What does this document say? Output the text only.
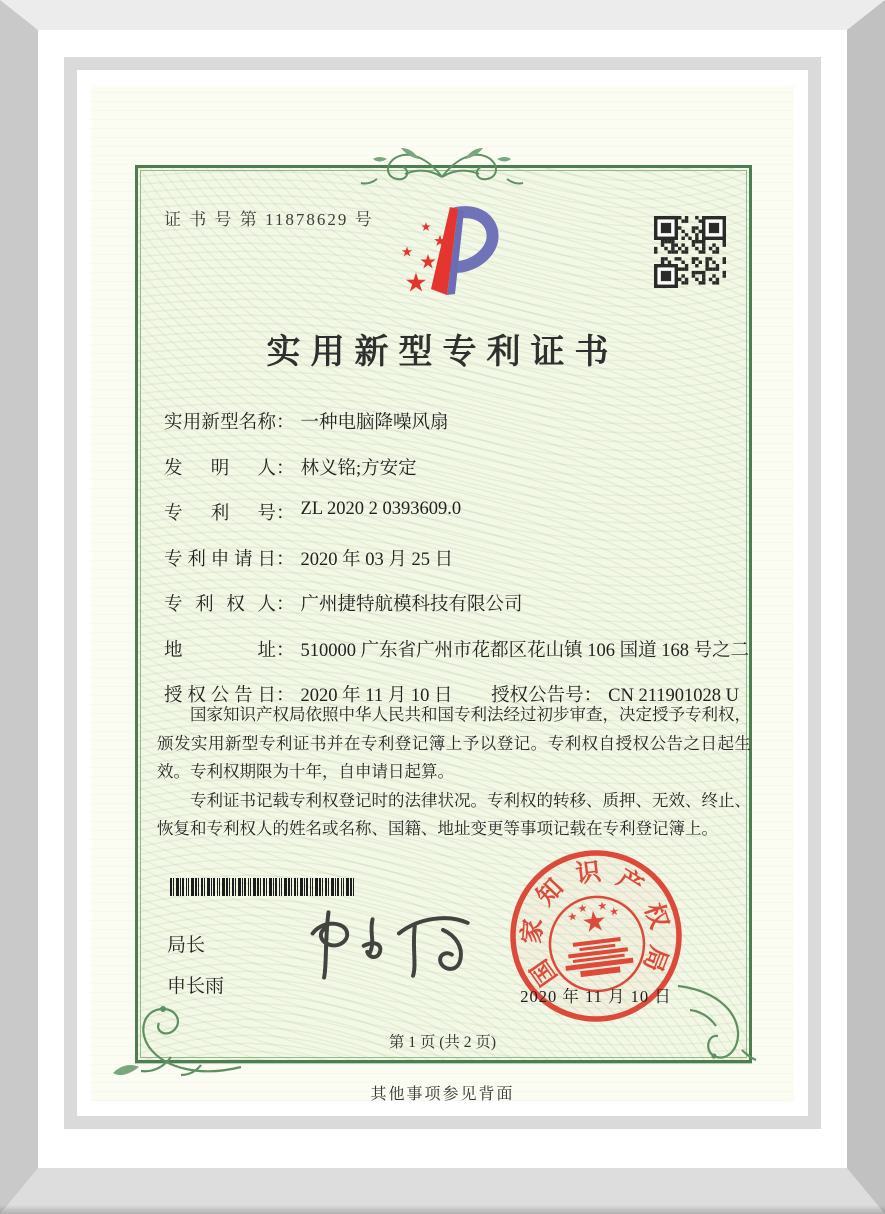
证 书 号 第 11878629 号
实用新型专利证书
实用新型名称： 一种电脑降噪风扇
发明人： 林义铭;方安定
专利号： ZL 2020 2 0393609.0
专利申请日： 2020 年 03 月 25 日
专利权人： 广州捷特航模科技有限公司
地址： 510000 广东省广州市花都区花山镇 106 国道 168 号之二
授权公告日： 2020 年 11 月 10 日 授权公告号： CN 211901028 U

国家知识产权局依照中华人民共和国专利法经过初步审查，决定授予专利权，颁发实用新型专利证书并在专利登记簿上予以登记。专利权自授权公告之日起生效。专利权期限为十年，自申请日起算。

专利证书记载专利权登记时的法律状况。专利权的转移、质押、无效、终止、恢复和专利权人的姓名或名称、国籍、地址变更等事项记载在专利登记簿上。

局长
申长雨	国
家
知
识 产
权
局
2020 年 11 月 10 日
第 1 页 (共 2 页)
其他事项参见背面
